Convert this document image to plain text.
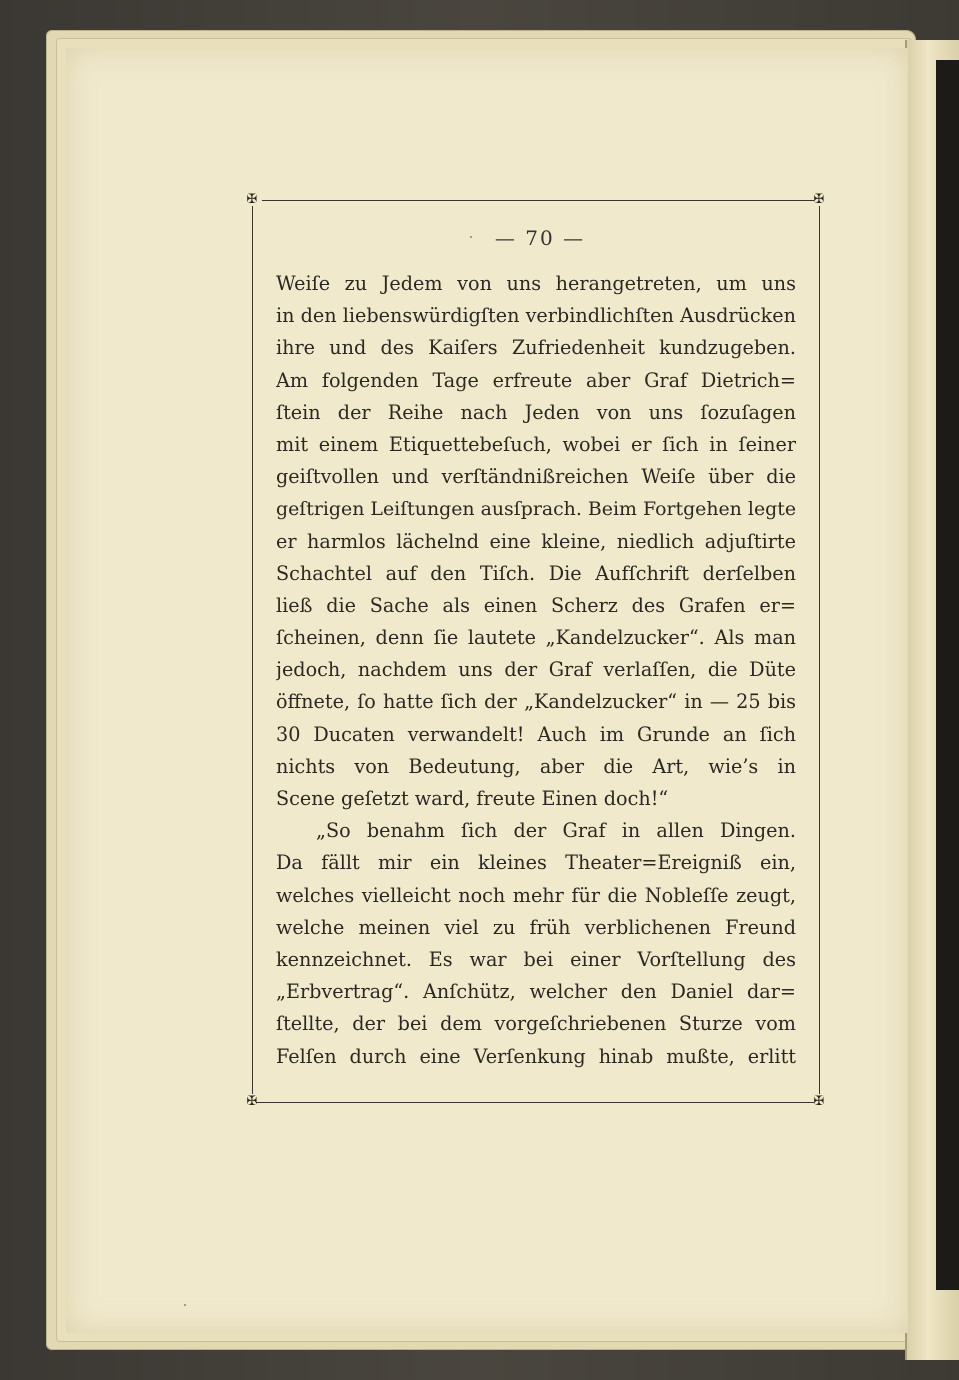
✠	✠
✠	✠
— 70 —
Weiſe zu Jedem von uns herangetreten, um uns
in den liebenswürdigſten verbindlichſten Ausdrücken
ihre und des Kaiſers Zufriedenheit kundzugeben.
Am folgenden Tage erfreute aber Graf Dietrich=
ſtein der Reihe nach Jeden von uns ſozuſagen
mit einem Etiquettebeſuch, wobei er ſich in ſeiner
geiſtvollen und verſtändnißreichen Weiſe über die
geſtrigen Leiſtungen ausſprach. Beim Fortgehen legte
er harmlos lächelnd eine kleine, niedlich adjuſtirte
Schachtel auf den Tiſch. Die Aufſchrift derſelben
ließ die Sache als einen Scherz des Grafen er=
ſcheinen, denn ſie lautete „Kandelzucker“. Als man
jedoch, nachdem uns der Graf verlaſſen, die Düte
öffnete, ſo hatte ſich der „Kandelzucker“ in — 25 bis
30 Ducaten verwandelt! Auch im Grunde an ſich
nichts von Bedeutung, aber die Art, wie’s in
Scene geſetzt ward, freute Einen doch!“
„So benahm ſich der Graf in allen Dingen.
Da fällt mir ein kleines Theater=Ereigniß ein,
welches vielleicht noch mehr für die Nobleſſe zeugt,
welche meinen viel zu früh verblichenen Freund
kennzeichnet. Es war bei einer Vorſtellung des
„Erbvertrag“. Anſchütz, welcher den Daniel dar=
ſtellte, der bei dem vorgeſchriebenen Sturze vom
Felſen durch eine Verſenkung hinab mußte, erlitt
